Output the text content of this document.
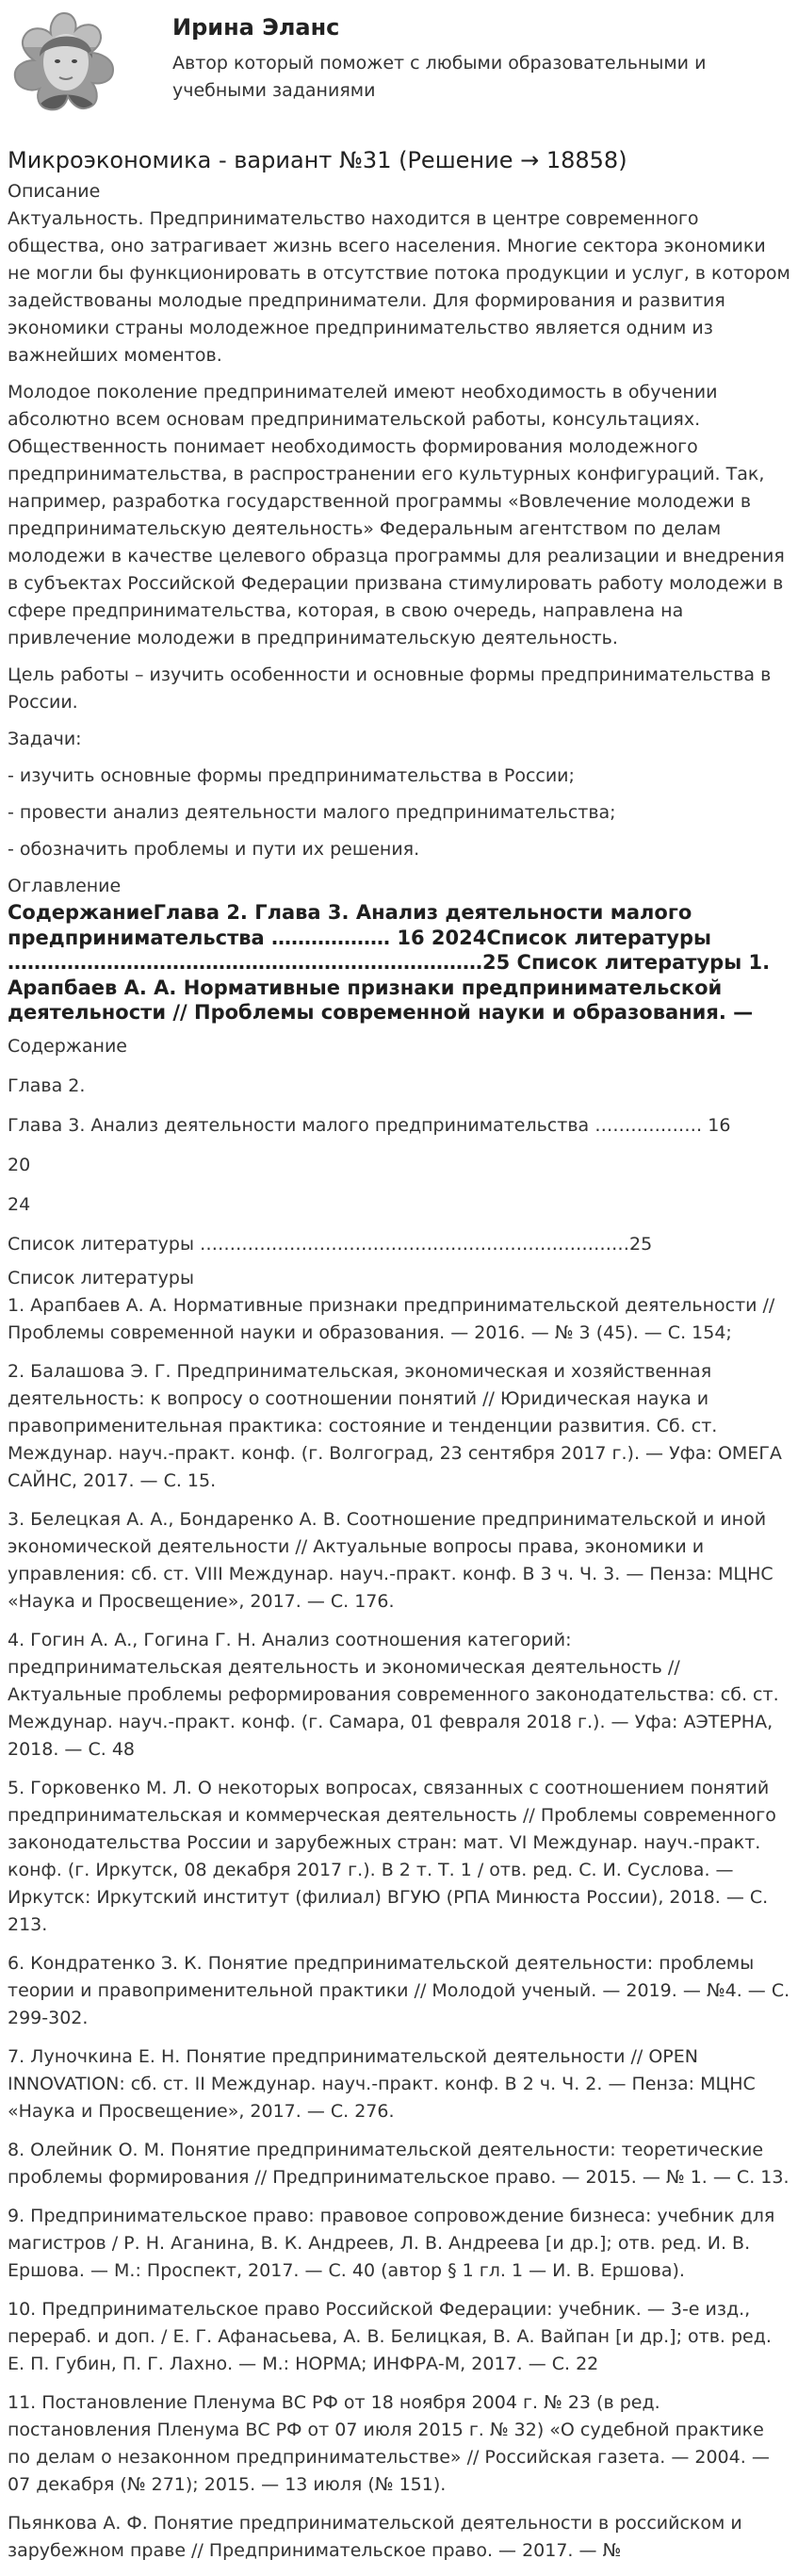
Ирина Эланс
Автор который поможет с любыми образовательными и учебными заданиями
Микроэкономика - вариант №31 (Решение → 18858)
Описание

Актуальность. Предпринимательство находится в центре современного общества, оно затрагивает жизнь всего населения. Многие сектора экономики не могли бы функционировать в отсутствие потока продукции и услуг, в котором задействованы молодые предприниматели. Для формирования и развития экономики страны молодежное предпринимательство является одним из важнейших моментов.

Молодое поколение предпринимателей имеют необходимость в обучении абсолютно всем основам предпринимательской работы, консультациях. Общественность понимает необходимость формирования молодежного предпринимательства, в распространении его культурных конфигураций. Так, например, разработка государственной программы «Вовлечение молодежи в предпринимательскую деятельность» Федеральным агентством по делам молодежи в качестве целевого образца программы для реализации и внедрения в субъектах Российской Федерации призвана стимулировать работу молодежи в сфере предпринимательства, которая, в свою очередь, направлена на привлечение молодежи в предпринимательскую деятельность.

Цель работы – изучить особенности и основные формы предпринимательства в России.

Задачи:

- изучить основные формы предпринимательства в России;

- провести анализ деятельности малого предпринимательства;

- обозначить проблемы и пути их решения.

Оглавление
СодержаниеГлава 2. Глава 3. Анализ деятельности малого предпринимательства ……………… 16 2024Список литературы ………………………………………………………………25 Список литературы 1. Арапбаев А. А. Нормативные признаки предпринимательской деятельности // Проблемы современной науки и образования. —

Содержание

Глава 2.

Глава 3. Анализ деятельности малого предпринимательства ……………… 16

20

24

Список литературы ………………………………………………………………25

Список литературы

1. Арапбаев А. А. Нормативные признаки предпринимательской деятельности // Проблемы современной науки и образования. — 2016. — № 3 (45). — С. 154;

2. Балашова Э. Г. Предпринимательская, экономическая и хозяйственная деятельность: к вопросу о соотношении понятий // Юридическая наука и правоприменительная практика: состояние и тенденции развития. Сб. ст. Междунар. науч.-практ. конф. (г. Волгоград, 23 сентября 2017 г.). — Уфа: ОМЕГА САЙНС, 2017. — С. 15.

3. Белецкая А. А., Бондаренко А. В. Соотношение предпринимательской и иной экономической деятельности // Актуальные вопросы права, экономики и управления: сб. ст. VIII Междунар. науч.-практ. конф. В 3 ч. Ч. 3. — Пенза: МЦНС «Наука и Просвещение», 2017. — С. 176.

4. Гогин А. А., Гогина Г. Н. Анализ соотношения категорий: предпринимательская деятельность и экономическая деятельность // Актуальные проблемы реформирования современного законодательства: сб. ст. Междунар. науч.-практ. конф. (г. Самара, 01 февраля 2018 г.). — Уфа: АЭТЕРНА, 2018. — С. 48

5. Горковенко М. Л. О некоторых вопросах, связанных с соотношением понятий предпринимательская и коммерческая деятельность // Проблемы современного законодательства России и зарубежных стран: мат. VI Междунар. науч.-практ. конф. (г. Иркутск, 08 декабря 2017 г.). В 2 т. Т. 1 / отв. ред. С. И. Суслова. — Иркутск: Иркутский институт (филиал) ВГУЮ (РПА Минюста России), 2018. — С. 213.

6. Кондратенко З. К. Понятие предпринимательской деятельности: проблемы теории и правоприменительной практики // Молодой ученый. — 2019. — №4. — С. 299-302.

7. Луночкина Е. Н. Понятие предпринимательской деятельности // OPEN INNOVATION: сб. ст. II Междунар. науч.-практ. конф. В 2 ч. Ч. 2. — Пенза: МЦНС «Наука и Просвещение», 2017. — С. 276.

8. Олейник О. М. Понятие предпринимательской деятельности: теоретические проблемы формирования // Предпринимательское право. — 2015. — № 1. — С. 13.

9. Предпринимательское право: правовое сопровождение бизнеса: учебник для магистров / Р. Н. Аганина, В. К. Андреев, Л. В. Андреева [и др.]; отв. ред. И. В. Ершова. — М.: Проспект, 2017. — С. 40 (автор § 1 гл. 1 — И. В. Ершова).

10. Предпринимательское право Российской Федерации: учебник. — 3-е изд., перераб. и доп. / Е. Г. Афанасьева, А. В. Белицкая, В. А. Вайпан [и др.]; отв. ред. Е. П. Губин, П. Г. Лахно. — М.: НОРМА; ИНФРА-М, 2017. — С. 22

11. Постановление Пленума ВС РФ от 18 ноября 2004 г. № 23 (в ред. постановления Пленума ВС РФ от 07 июля 2015 г. № 32) «О судебной практике по делам о незаконном предпринимательстве» // Российская газета. — 2004. — 07 декабря (№ 271); 2015. — 13 июля (№ 151).

Пьянкова А. Ф. Понятие предпринимательской деятельности в российском и зарубежном праве // Предпринимательское право. — 2017. — №
